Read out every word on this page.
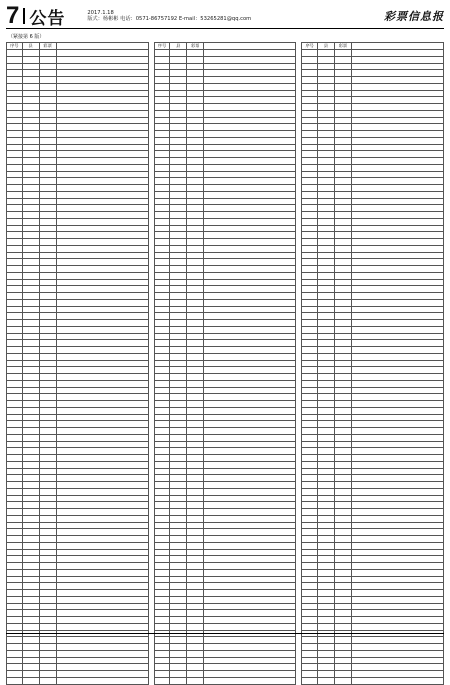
7 公告	2017.1.18
版式：杨彬彬 电话：0571-86757192 E-mail：53265281@qq.com	彩票信息报
（紧接第 6 版）
序号	县	彩票	

				序号	县	彩票	

				序号	县	彩票	
